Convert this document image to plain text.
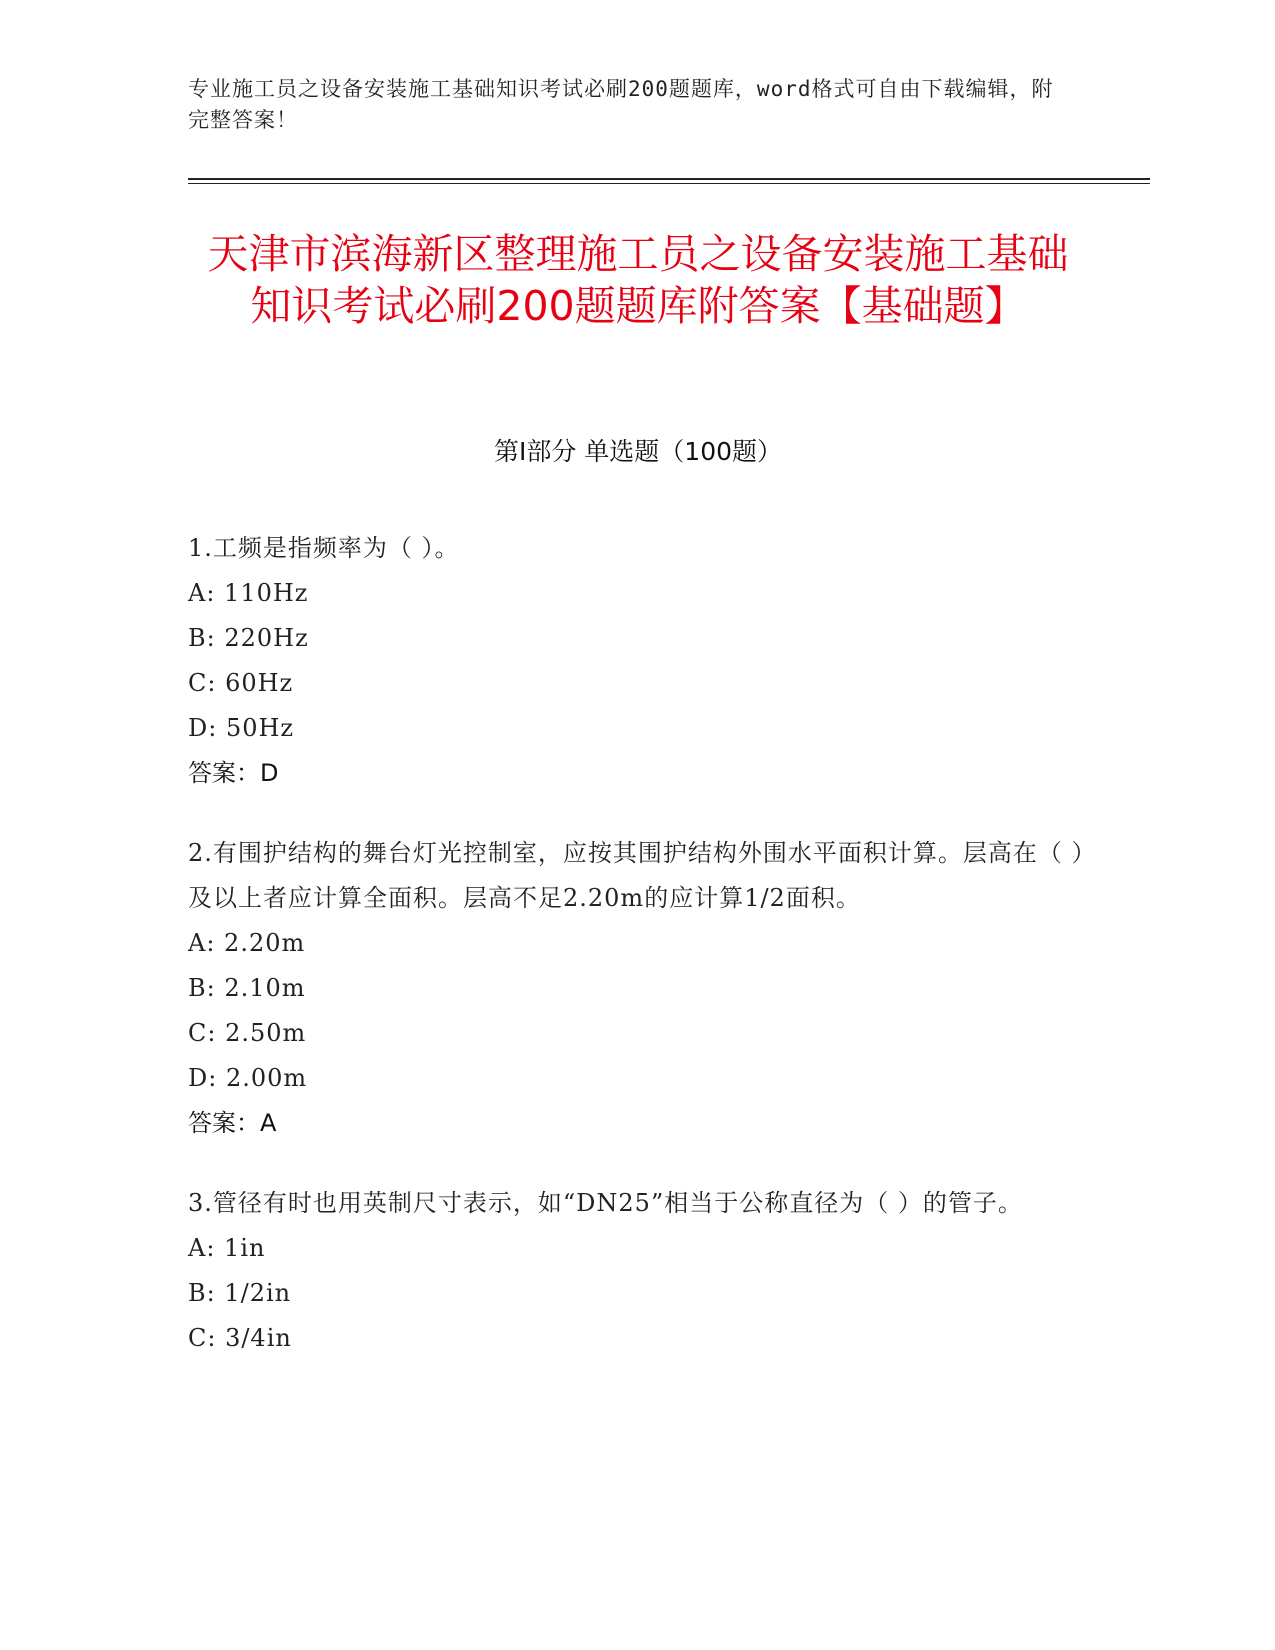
专业施工员之设备安装施工基础知识考试必刷200题题库，word格式可自由下载编辑，附完整答案！
天津市滨海新区整理施工员之设备安装施工基础知识考试必刷200题题库附答案【基础题】
第I部分 单选题（100题）
1.工频是指频率为（ ）。
A: 110Hz
B: 220Hz
C: 60Hz
D: 50Hz
答案：D
2.有围护结构的舞台灯光控制室，应按其围护结构外围水平面积计算。层高在（ ）及以上者应计算全面积。层高不足2.20m的应计算1/2面积。
A: 2.20m
B: 2.10m
C: 2.50m
D: 2.00m
答案：A
3.管径有时也用英制尺寸表示，如“DN25”相当于公称直径为（ ）的管子。
A: 1in
B: 1/2in
C: 3/4in
